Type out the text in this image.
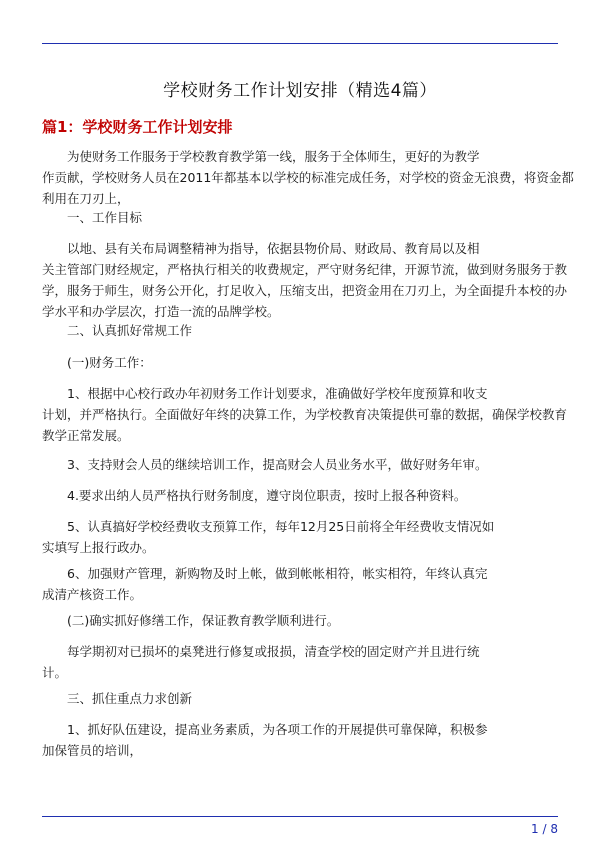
学校财务工作计划安排（精选4篇）
篇1：学校财务工作计划安排

为使财务工作服务于学校教育教学第一线，服务于全体师生，更好的为教学
作贡献，学校财务人员在2011年都基本以学校的标准完成任务，对学校的资金无浪费，将资金都
利用在刀刃上，

一、工作目标

以地、县有关布局调整精神为指导，依据县物价局、财政局、教育局以及相
关主管部门财经规定，严格执行相关的收费规定，严守财务纪律，开源节流，做到财务服务于教
学，服务于师生，财务公开化，打足收入，压缩支出，把资金用在刀刃上，为全面提升本校的办
学水平和办学层次，打造一流的品牌学校。

二、认真抓好常规工作

(一)财务工作：

1、根据中心校行政办年初财务工作计划要求，准确做好学校年度预算和收支
计划，并严格执行。全面做好年终的决算工作，为学校教育决策提供可靠的数据，确保学校教育
教学正常发展。

3、支持财会人员的继续培训工作，提高财会人员业务水平，做好财务年审。

4.要求出纳人员严格执行财务制度，遵守岗位职责，按时上报各种资料。

5、认真搞好学校经费收支预算工作，每年12月25日前将全年经费收支情况如
实填写上报行政办。

6、加强财产管理，新购物及时上帐，做到帐帐相符，帐实相符，年终认真完
成清产核资工作。

(二)确实抓好修缮工作，保证教育教学顺利进行。

每学期初对已损坏的桌凳进行修复或报损，清查学校的固定财产并且进行统
计。

三、抓住重点力求创新

1、抓好队伍建设，提高业务素质，为各项工作的开展提供可靠保障，积极参
加保管员的培训，

1 / 8
